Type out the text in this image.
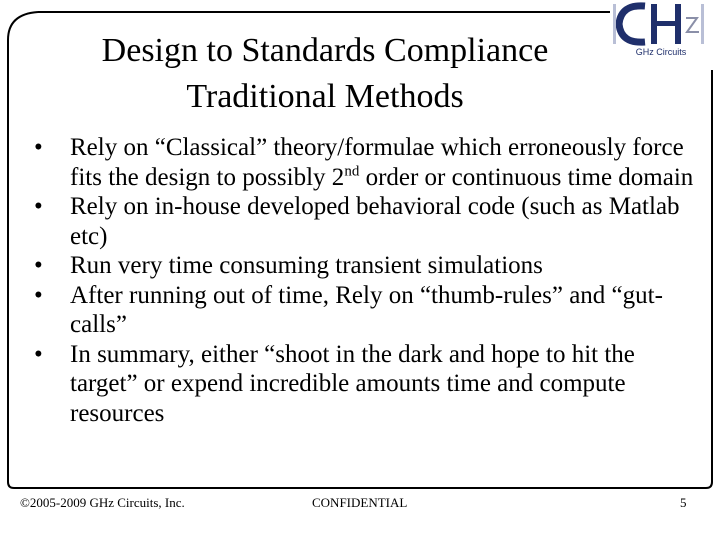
Design to Standards Compliance
Traditional Methods
GHz Circuits
• Rely on “Classical” theory/formulae which erroneously force fits the design to possibly 2nd order or continuous time domain
• Rely on in-house developed behavioral code (such as Matlab etc)
• Run very time consuming transient simulations
• After running out of time, Rely on “thumb-rules” and “gut-calls”
• In summary, either “shoot in the dark and hope to hit the target” or expend incredible amounts time and compute resources
©2005-2009 GHz Circuits, Inc.	CONFIDENTIAL	5
